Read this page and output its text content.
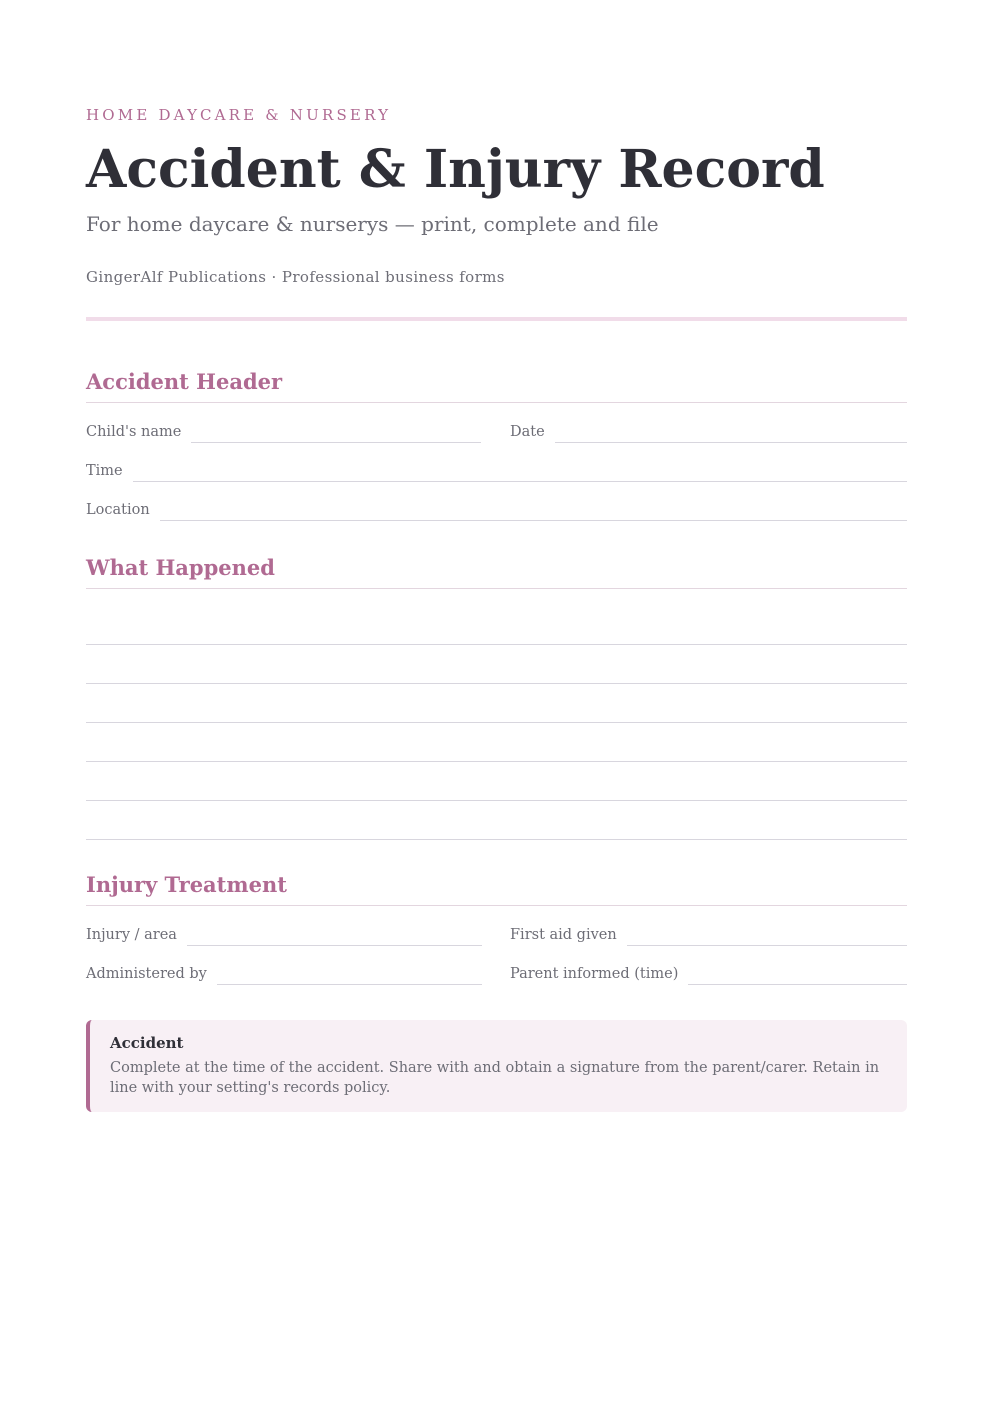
HOME DAYCARE & NURSERY
Accident & Injury Record
For home daycare & nurserys — print, complete and file
GingerAlf Publications · Professional business forms
Accident Header
Child's name	Date
Time
Location
What Happened
Injury Treatment
Injury / area	First aid given
Administered by	Parent informed (time)
Accident
Complete at the time of the accident. Share with and obtain a signature from the parent/carer. Retain in line with your setting's records policy.
